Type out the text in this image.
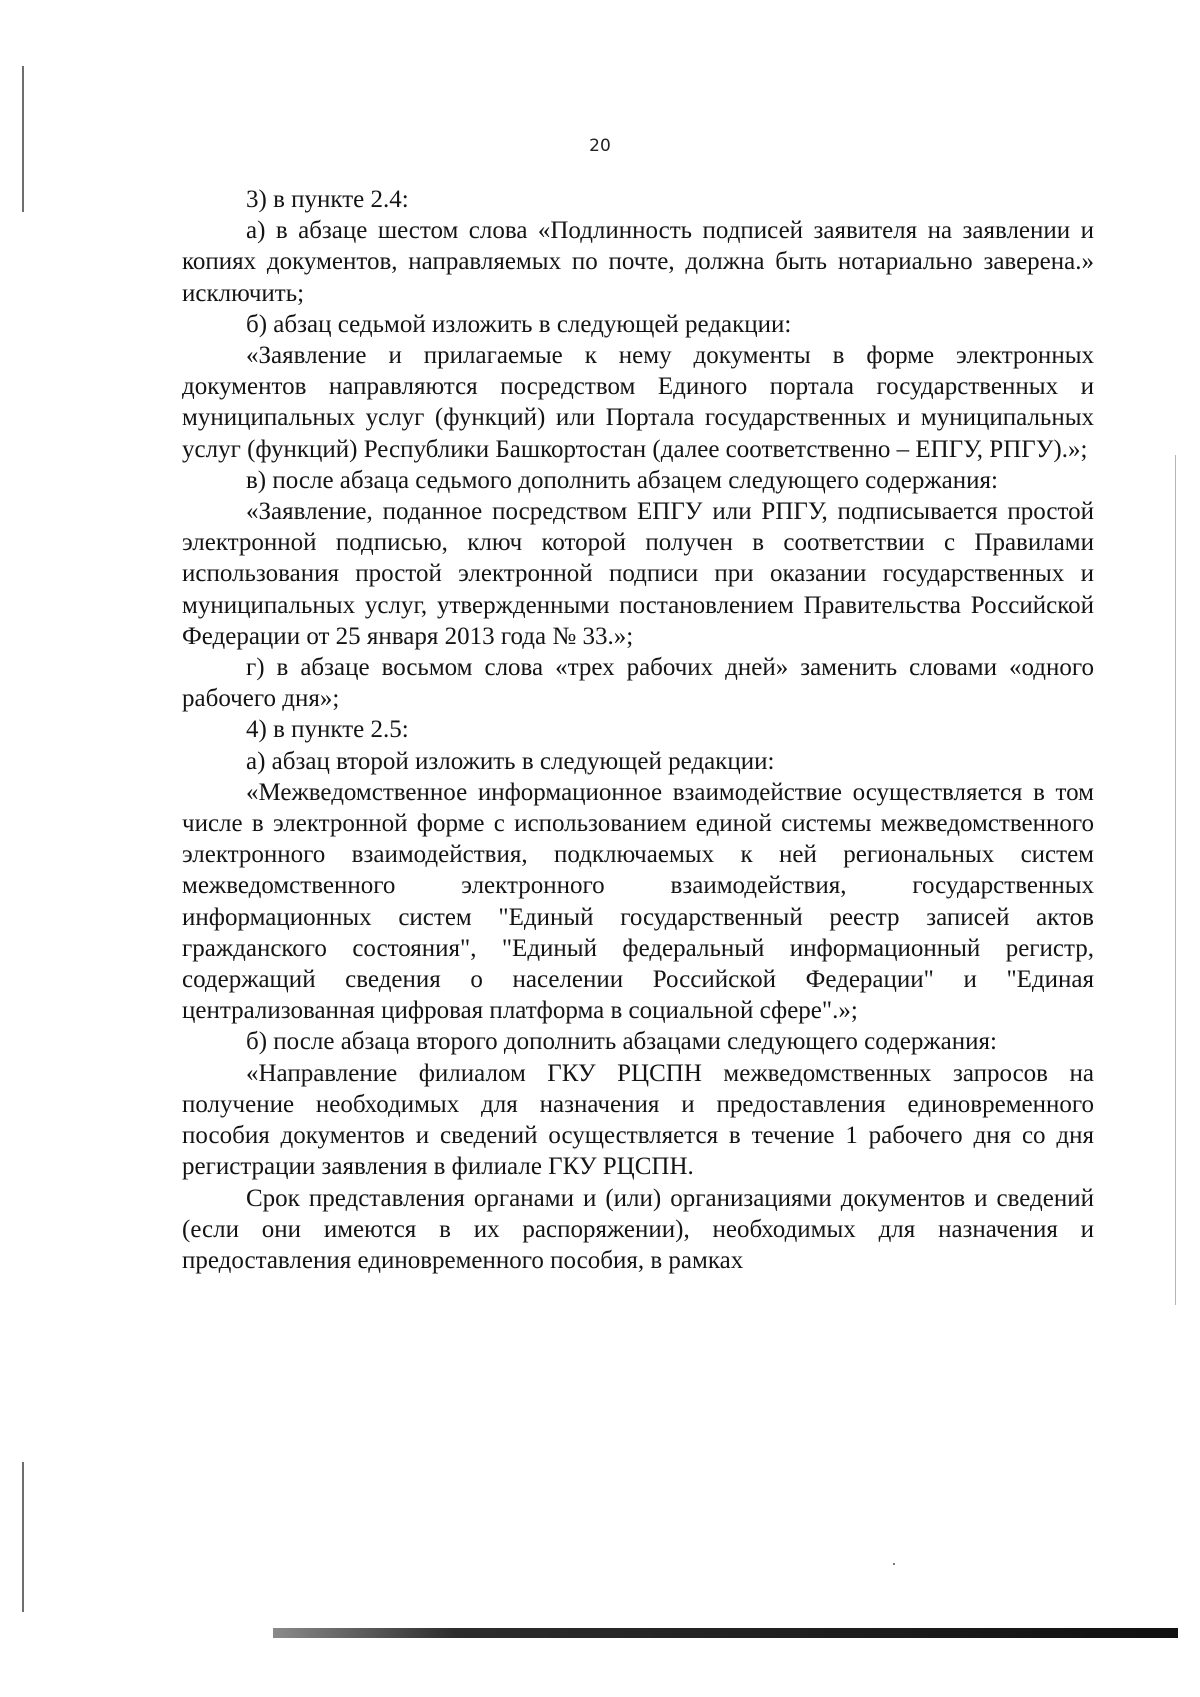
20

3) в пункте 2.4:

а) в абзаце шестом слова «Подлинность подписей заявителя на заявлении и копиях документов, направляемых по почте, должна быть нотариально заверена.» исключить;

б) абзац седьмой изложить в следующей редакции:

«Заявление и прилагаемые к нему документы в форме электронных документов направляются посредством Единого портала государственных и муниципальных услуг (функций) или Портала государственных и муниципальных услуг (функций) Республики Башкортостан (далее соответственно – ЕПГУ, РПГУ).»;

в) после абзаца седьмого дополнить абзацем следующего содержания:

«Заявление, поданное посредством ЕПГУ или РПГУ, подписывается простой электронной подписью, ключ которой получен в соответствии с Правилами использования простой электронной подписи при оказании государственных и муниципальных услуг, утвержденными постановлением Правительства Российской Федерации от 25 января 2013 года № 33.»;

г) в абзаце восьмом слова «трех рабочих дней» заменить словами «одного рабочего дня»;

4) в пункте 2.5:

а) абзац второй изложить в следующей редакции:

«Межведомственное информационное взаимодействие осуществляется в том числе в электронной форме с использованием единой системы межведомственного электронного взаимодействия, подключаемых к ней региональных систем межведомственного электронного взаимодействия, государственных информационных систем "Единый государственный реестр записей актов гражданского состояния", "Единый федеральный информационный регистр, содержащий сведения о населении Российской Федерации" и "Единая централизованная цифровая платформа в социальной сфере".»;

б) после абзаца второго дополнить абзацами следующего содержания:

«Направление филиалом ГКУ РЦСПН межведомственных запросов на получение необходимых для назначения и предоставления единовременного пособия документов и сведений осуществляется в течение 1 рабочего дня со дня регистрации заявления в филиале ГКУ РЦСПН.

Срок представления органами и (или) организациями документов и сведений (если они имеются в их распоряжении), необходимых для назначения и предоставления единовременного пособия, в рамках
